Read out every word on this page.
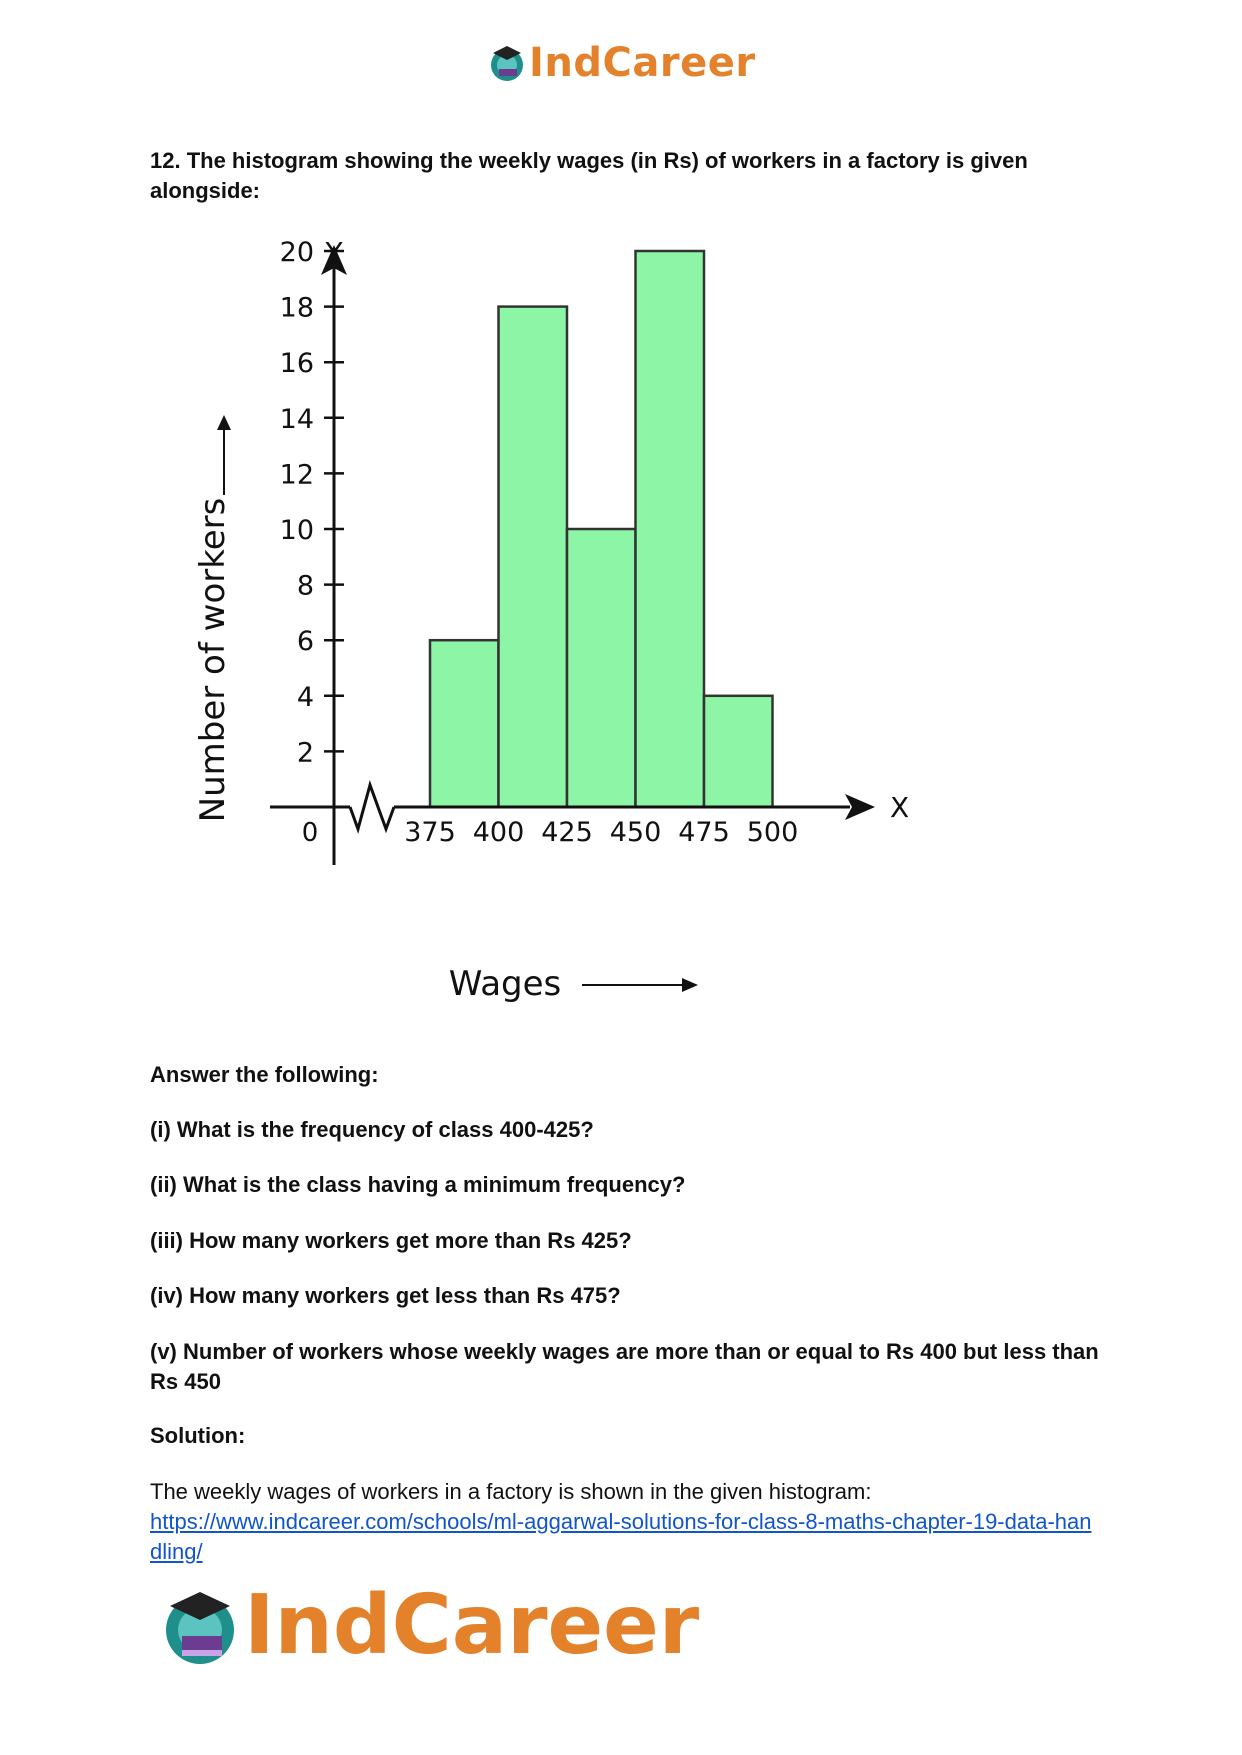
IndCareer
12. The histogram showing the weekly wages (in Rs) of workers in a factory is given alongside:
Y
X
0
2
4
6
8
10
12
14
16
18
20
375 400 425 450 475 500
Number of workers
Wages
Answer the following:
(i) What is the frequency of class 400-425?
(ii) What is the class having a minimum frequency?
(iii) How many workers get more than Rs 425?
(iv) How many workers get less than Rs 475?
(v) Number of workers whose weekly wages are more than or equal to Rs 400 but less than Rs 450
Solution:
The weekly wages of workers in a factory is shown in the given histogram:
https://www.indcareer.com/schools/ml-aggarwal-solutions-for-class-8-maths-chapter-19-data-handling/
IndCareer
